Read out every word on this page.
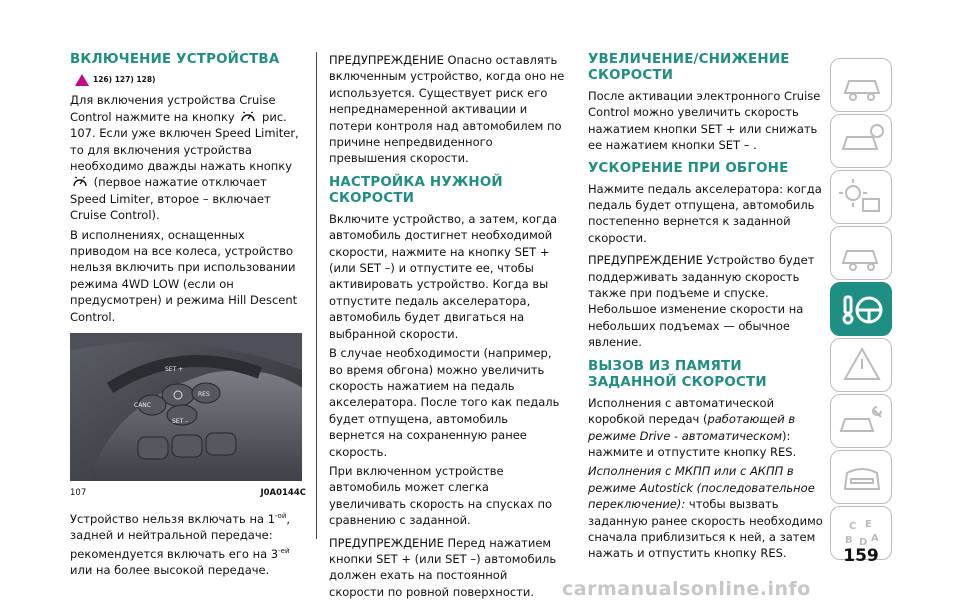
ВКЛЮЧЕНИЕ УСТРОЙСТВА
126) 127) 128)

Для включения устройства Cruise Control нажмите на кнопку рис. 107. Если уже включен Speed Limiter, то для включения устройства необходимо дважды нажать кнопку  (первое нажатие отключает Speed Limiter, второе – включает Cruise Control).

В исполнениях, оснащенных приводом на все колеса, устройство нельзя включить при использовании режима 4WD LOW (если он предусмотрен) и режима Hill Descent Control.

SET +
CANC
RES
SET –
107	J0A0144C

Устройство нельзя включать на $1^{-ой}$, задней и нейтральной передаче: рекомендуется включать его на $3^{-ей}$ или на более высокой передаче.

ПРЕДУПРЕЖДЕНИЕ Опасно оставлять включенным устройство, когда оно не используется. Существует риск его непреднамеренной активации и потери контроля над автомобилем по причине непредвиденного превышения скорости.

НАСТРОЙКА НУЖНОЙ СКОРОСТИ

Включите устройство, а затем, когда автомобиль достигнет необходимой скорости, нажмите на кнопку SET + (или SET –) и отпустите ее, чтобы активировать устройство. Когда вы отпустите педаль акселератора, автомобиль будет двигаться на выбранной скорости.

В случае необходимости (например, во время обгона) можно увеличить скорость нажатием на педаль акселератора. После того как педаль будет отпущена, автомобиль вернется на сохраненную ранее скорость.

При включенном устройстве автомобиль может слегка увеличивать скорость на спусках по сравнению с заданной.

ПРЕДУПРЕЖДЕНИЕ Перед нажатием кнопки SET + (или SET –) автомобиль должен ехать на постоянной скорости по ровной поверхности.

УВЕЛИЧЕНИЕ/СНИЖЕНИЕ СКОРОСТИ

После активации электронного Cruise Control можно увеличить скорость нажатием кнопки SET + или снижать ее нажатием кнопки SET – .

УСКОРЕНИЕ ПРИ ОБГОНЕ

Нажмите педаль акселератора: когда педаль будет отпущена, автомобиль постепенно вернется к заданной скорости.

ПРЕДУПРЕЖДЕНИЕ Устройство будет поддерживать заданную скорость также при подъеме и спуске. Небольшое изменение скорости на небольших подъемах — обычное явление.

ВЫЗОВ ИЗ ПАМЯТИ ЗАДАННОЙ СКОРОСТИ

Исполнения с автоматической коробкой передач (работающей в режиме Drive - автоматическом): нажмите и отпустите кнопку RES.

Исполнения с МКПП или с АКПП в режиме Autostick (последовательное переключение): чтобы вызвать заданную ранее скорость необходимо сначала приблизиться к ней, а затем нажать и отпустить кнопку RES.

C E
B D A
159
carmanualsonline.info
